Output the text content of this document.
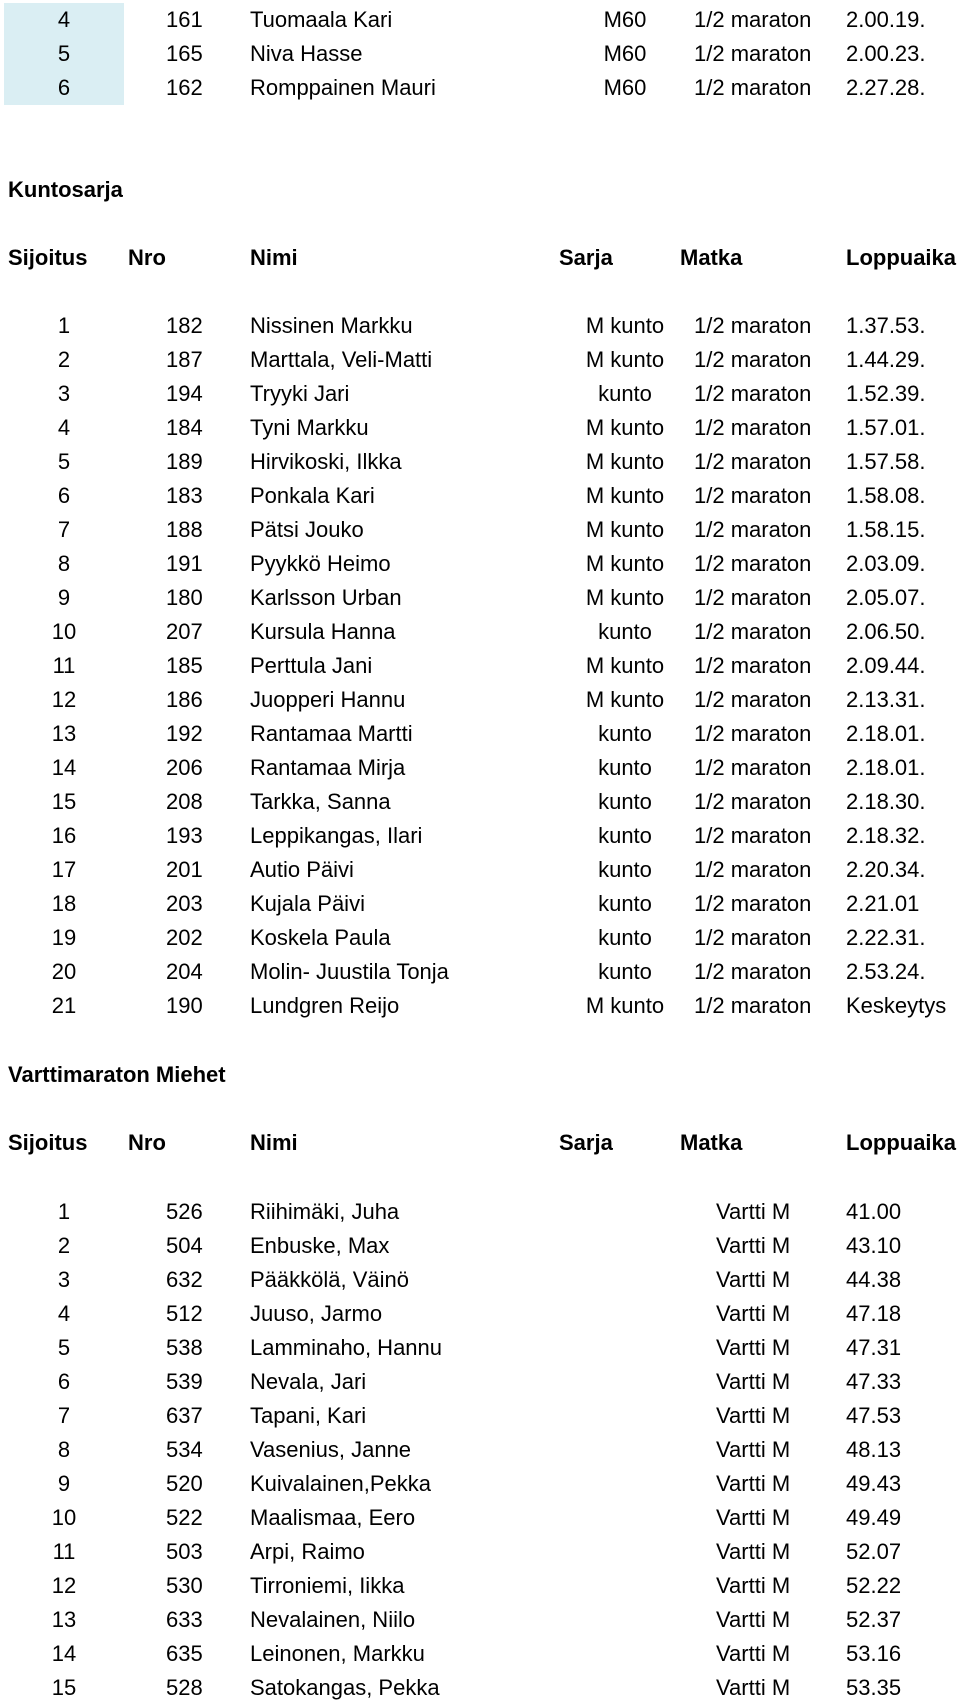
4	161 Tuomaala Kari	M60	1/2 maraton 2.00.19.
5	165 Niva Hasse	M60	1/2 maraton 2.00.23.
6	162 Romppainen Mauri	M60	1/2 maraton 2.27.28.
Kuntosarja
Sijoitus Nro	Nimi	Sarja	Matka	Loppuaika
1	182 Nissinen Markku	M kunto	1/2 maraton 1.37.53.
2	187 Marttala, Veli-Matti	M kunto	1/2 maraton 1.44.29.
3	194 Tryyki Jari	kunto	1/2 maraton 1.52.39.
4	184 Tyni Markku	M kunto	1/2 maraton 1.57.01.
5	189 Hirvikoski, Ilkka	M kunto	1/2 maraton 1.57.58.
6	183 Ponkala Kari	M kunto	1/2 maraton 1.58.08.
7	188 Pätsi Jouko	M kunto	1/2 maraton 1.58.15.
8	191 Pyykkö Heimo	M kunto	1/2 maraton 2.03.09.
9	180 Karlsson Urban	M kunto	1/2 maraton 2.05.07.
10	207 Kursula Hanna	kunto	1/2 maraton 2.06.50.
11	185 Perttula Jani	M kunto	1/2 maraton 2.09.44.
12	186 Juopperi Hannu	M kunto	1/2 maraton 2.13.31.
13	192 Rantamaa Martti	kunto	1/2 maraton 2.18.01.
14	206 Rantamaa Mirja	kunto	1/2 maraton 2.18.01.
15	208 Tarkka, Sanna	kunto	1/2 maraton 2.18.30.
16	193 Leppikangas, Ilari	kunto	1/2 maraton 2.18.32.
17	201 Autio Päivi	kunto	1/2 maraton 2.20.34.
18	203 Kujala Päivi	kunto	1/2 maraton 2.21.01
19	202 Koskela Paula	kunto	1/2 maraton 2.22.31.
20	204 Molin- Juustila Tonja	kunto	1/2 maraton 2.53.24.
21	190 Lundgren Reijo	M kunto	1/2 maraton Keskeytys
Varttimaraton Miehet
Sijoitus Nro	Nimi	Sarja	Matka	Loppuaika
1	526 Riihimäki, Juha	Vartti M	41.00
2	504 Enbuske, Max	Vartti M	43.10
3	632 Pääkkölä, Väinö	Vartti M	44.38
4	512 Juuso, Jarmo	Vartti M	47.18
5	538 Lamminaho, Hannu	Vartti M	47.31
6	539 Nevala, Jari	Vartti M	47.33
7	637 Tapani, Kari	Vartti M	47.53
8	534 Vasenius, Janne	Vartti M	48.13
9	520 Kuivalainen,Pekka	Vartti M	49.43
10	522 Maalismaa, Eero	Vartti M	49.49
11	503 Arpi, Raimo	Vartti M	52.07
12	530 Tirroniemi, Iikka	Vartti M	52.22
13	633 Nevalainen, Niilo	Vartti M	52.37
14	635 Leinonen, Markku	Vartti M	53.16
15	528 Satokangas, Pekka	Vartti M	53.35
